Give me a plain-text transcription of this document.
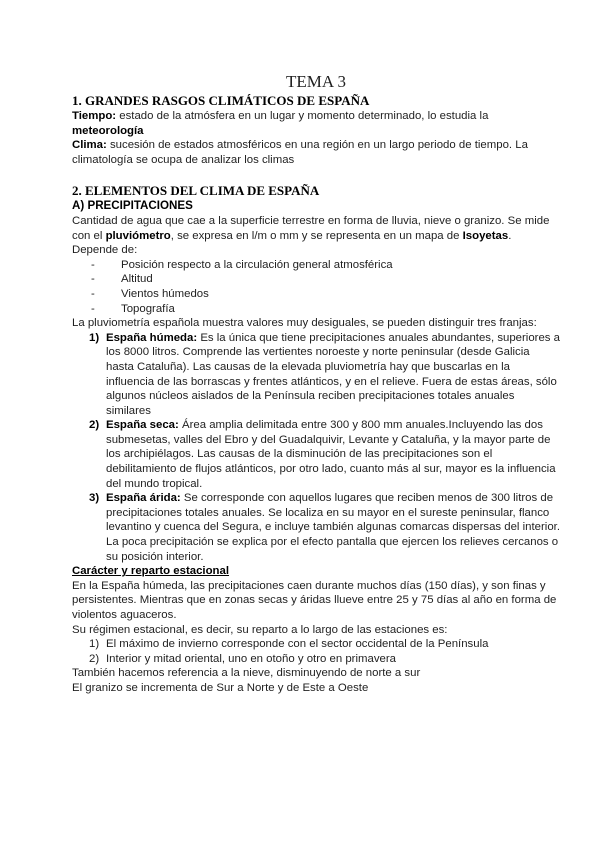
TEMA 3
1. GRANDES RASGOS CLIMÁTICOS DE ESPAÑA

Tiempo: estado de la atmósfera en un lugar y momento determinado, lo estudia la meteorología

Clima: sucesión de estados atmosféricos en una región en un largo periodo de tiempo. La climatología se ocupa de analizar los climas

2. ELEMENTOS DEL CLIMA DE ESPAÑA
A) PRECIPITACIONES

Cantidad de agua que cae a la superficie terrestre en forma de lluvia, nieve o granizo. Se mide con el pluviómetro, se expresa en l/m o mm y se representa en un mapa de Isoyetas. Depende de:

- Posición respecto a la circulación general atmosférica
- Altitud
- Vientos húmedos
- Topografía

La pluviometría española muestra valores muy desiguales, se pueden distinguir tres franjas:

1) España húmeda: Es la única que tiene precipitaciones anuales abundantes, superiores a los 8000 litros. Comprende las vertientes noroeste y norte peninsular (desde Galicia hasta Cataluña). Las causas de la elevada pluviometría hay que buscarlas en la influencia de las borrascas y frentes atlánticos, y en el relieve. Fuera de estas áreas, sólo algunos núcleos aislados de la Península reciben precipitaciones totales anuales similares
2) España seca: Área amplia delimitada entre 300 y 800 mm anuales.Incluyendo las dos submesetas, valles del Ebro y del Guadalquivir, Levante y Cataluña, y la mayor parte de los archipiélagos. Las causas de la disminución de las precipitaciones son el debilitamiento de flujos atlánticos, por otro lado, cuanto más al sur, mayor es la influencia del mundo tropical.
3) España árida: Se corresponde con aquellos lugares que reciben menos de 300 litros de precipitaciones totales anuales. Se localiza en su mayor en el sureste peninsular, flanco levantino y cuenca del Segura, e incluye también algunas comarcas dispersas del interior. La poca precipitación se explica por el efecto pantalla que ejercen los relieves cercanos o su posición interior.

Carácter y reparto estacional

En la España húmeda, las precipitaciones caen durante muchos días (150 días), y son finas y persistentes. Mientras que en zonas secas y áridas llueve entre 25 y 75 días al año en forma de violentos aguaceros.

Su régimen estacional, es decir, su reparto a lo largo de las estaciones es:

1) El máximo de invierno corresponde con el sector occidental de la Península
2) Interior y mitad oriental, uno en otoño y otro en primavera

También hacemos referencia a la nieve, disminuyendo de norte a sur

El granizo se incrementa de Sur a Norte y de Este a Oeste
